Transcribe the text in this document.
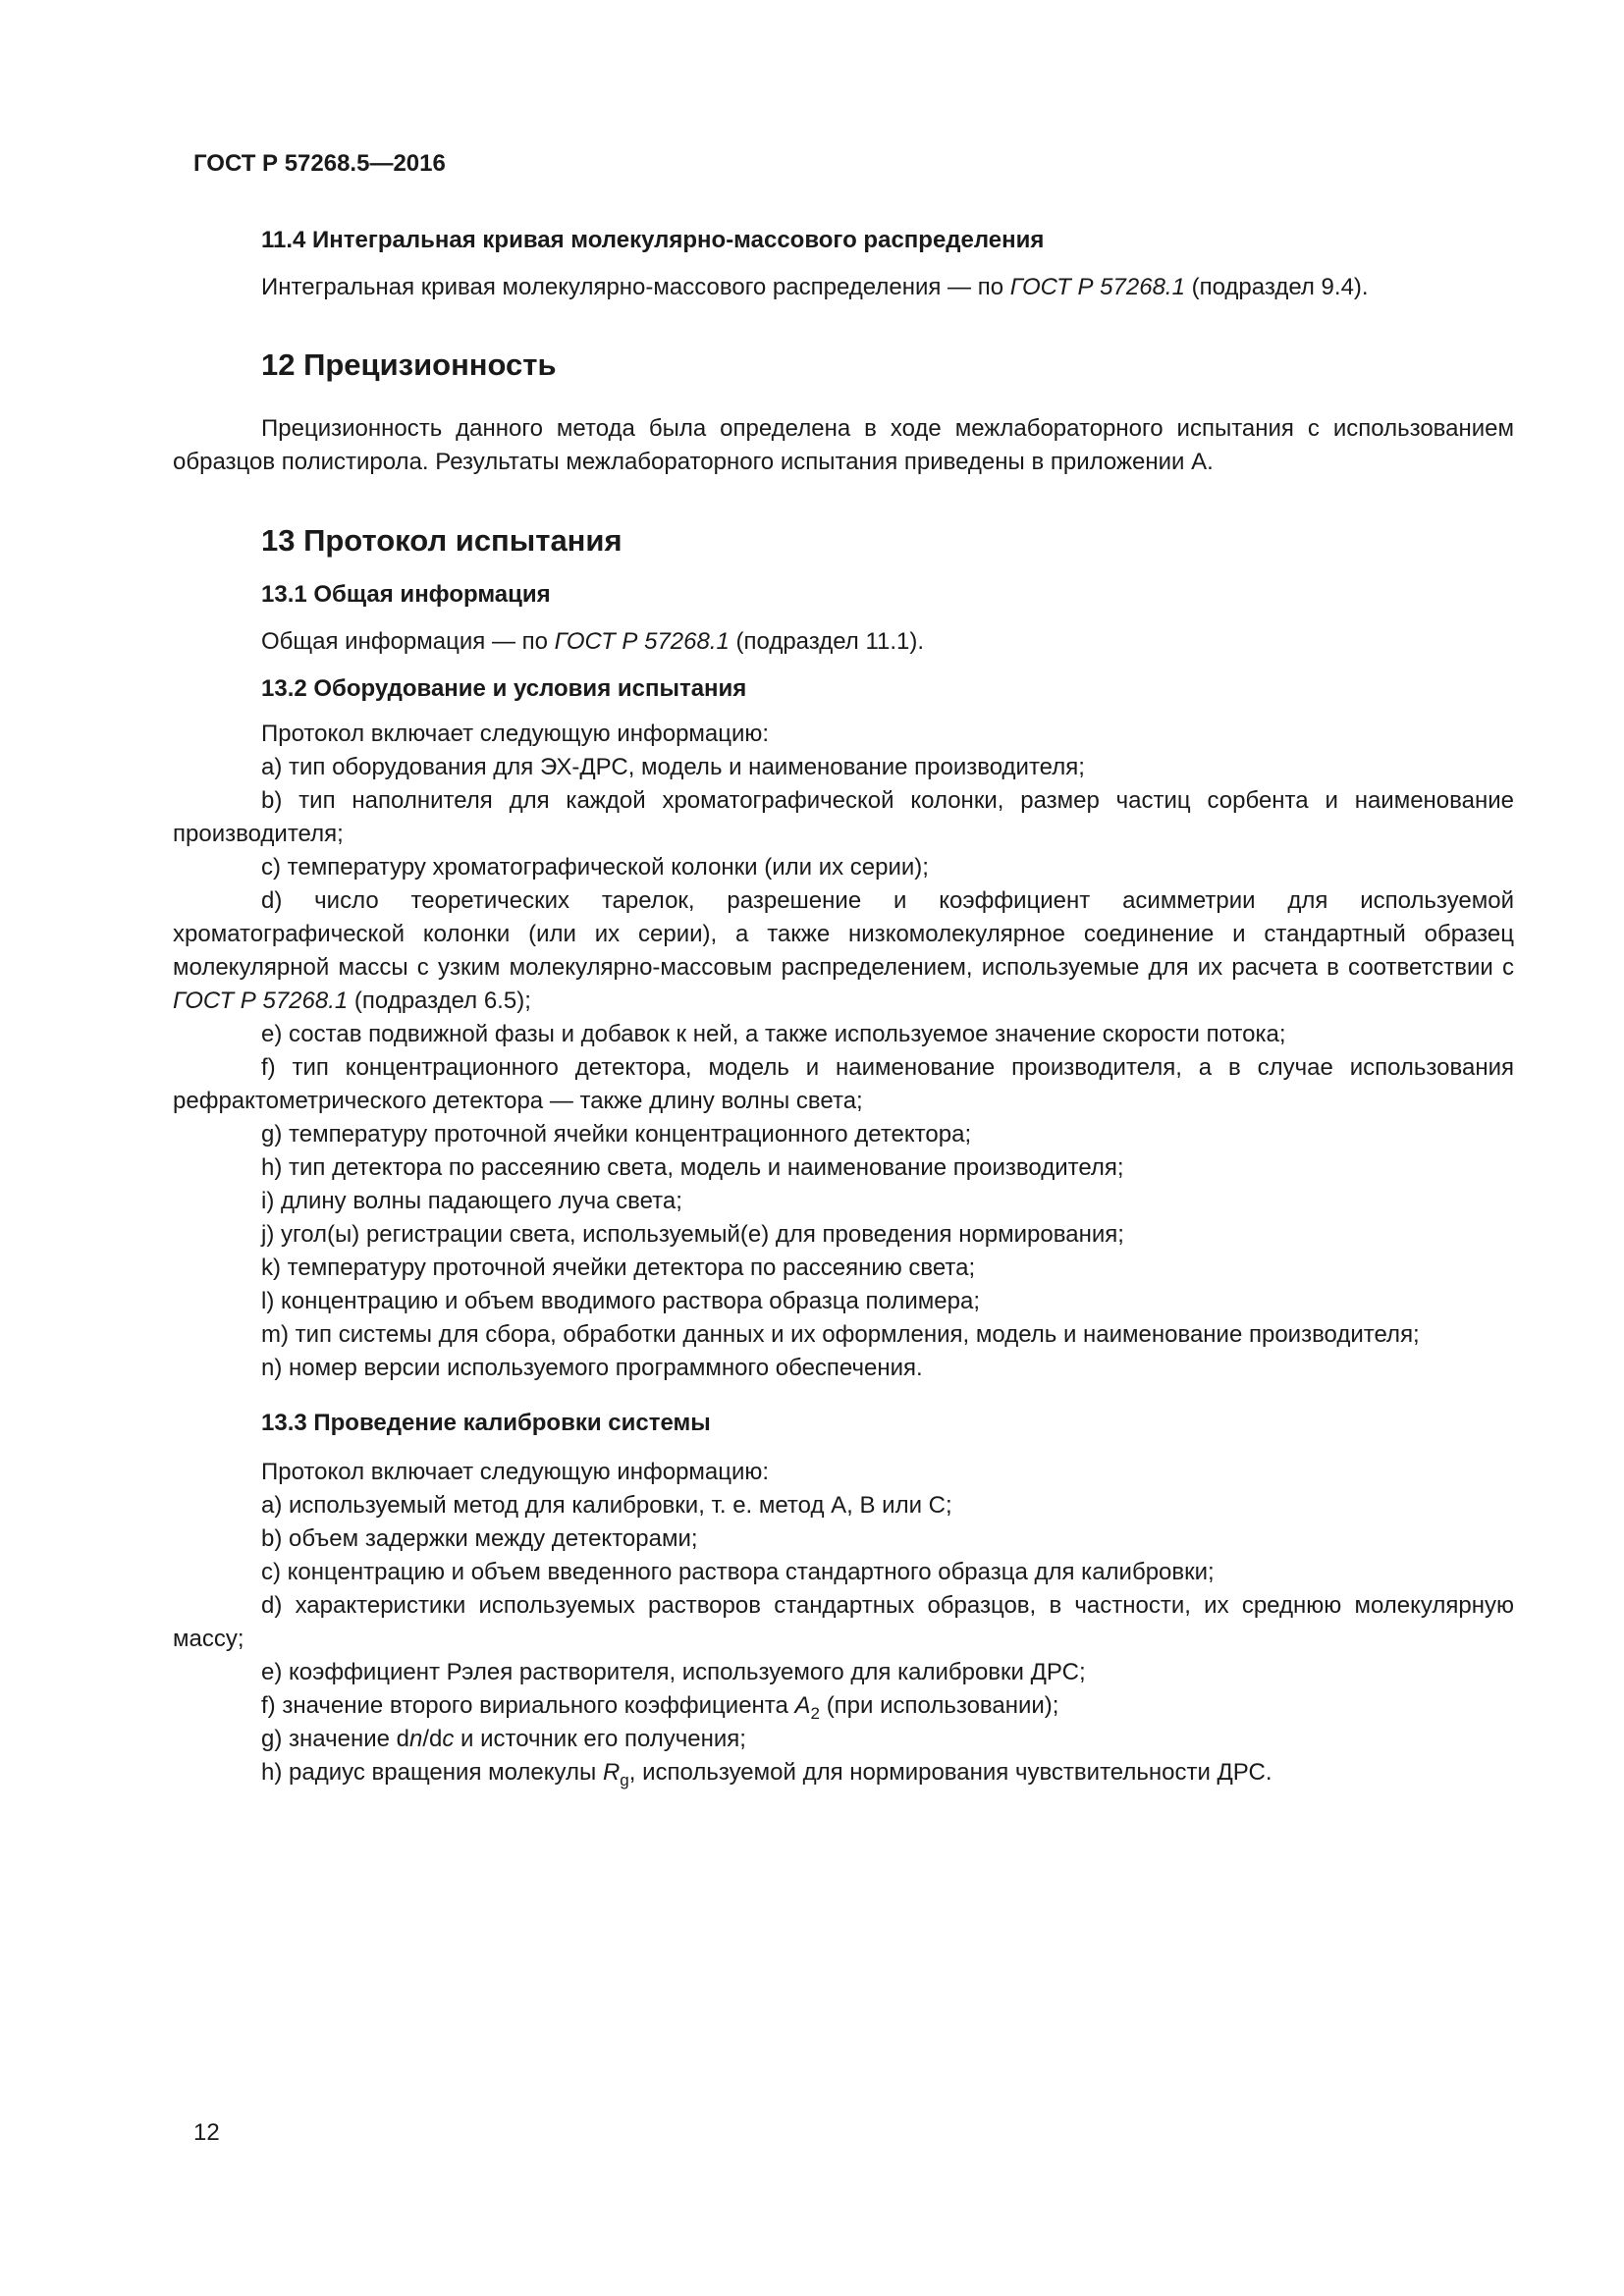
ГОСТ Р 57268.5—2016
11.4 Интегральная кривая молекулярно-массового распределения

Интегральная кривая молекулярно-массового распределения — по ГОСТ Р 57268.1 (подраздел 9.4).

12 Прецизионность

Прецизионность данного метода была определена в ходе межлабораторного испытания с использованием образцов полистирола. Результаты межлабораторного испытания приведены в приложении А.

13 Протокол испытания
13.1 Общая информация

Общая информация — по ГОСТ Р 57268.1 (подраздел 11.1).

13.2 Оборудование и условия испытания

Протокол включает следующую информацию:

a) тип оборудования для ЭХ-ДРС, модель и наименование производителя;

b) тип наполнителя для каждой хроматографической колонки, размер частиц сорбента и наименование производителя;

c) температуру хроматографической колонки (или их серии);

d) число теоретических тарелок, разрешение и коэффициент асимметрии для используемой хроматографической колонки (или их серии), а также низкомолекулярное соединение и стандартный образец молекулярной массы с узким молекулярно-массовым распределением, используемые для их расчета в соответствии с ГОСТ Р 57268.1 (подраздел 6.5);

e) состав подвижной фазы и добавок к ней, а также используемое значение скорости потока;

f) тип концентрационного детектора, модель и наименование производителя, а в случае использования рефрактометрического детектора — также длину волны света;

g) температуру проточной ячейки концентрационного детектора;

h) тип детектора по рассеянию света, модель и наименование производителя;

i) длину волны падающего луча света;

j) угол(ы) регистрации света, используемый(е) для проведения нормирования;

k) температуру проточной ячейки детектора по рассеянию света;

l) концентрацию и объем вводимого раствора образца полимера;

m) тип системы для сбора, обработки данных и их оформления, модель и наименование производителя;

n) номер версии используемого программного обеспечения.

13.3 Проведение калибровки системы

Протокол включает следующую информацию:

a) используемый метод для калибровки, т. е. метод A, B или C;

b) объем задержки между детекторами;

c) концентрацию и объем введенного раствора стандартного образца для калибровки;

d) характеристики используемых растворов стандартных образцов, в частности, их среднюю молекулярную массу;

e) коэффициент Рэлея растворителя, используемого для калибровки ДРС;

f) значение второго вириального коэффициента $A_2$ (при использовании);

g) значение dn/dc и источник его получения;

h) радиус вращения молекулы $R_g$, используемой для нормирования чувствительности ДРС.

12
